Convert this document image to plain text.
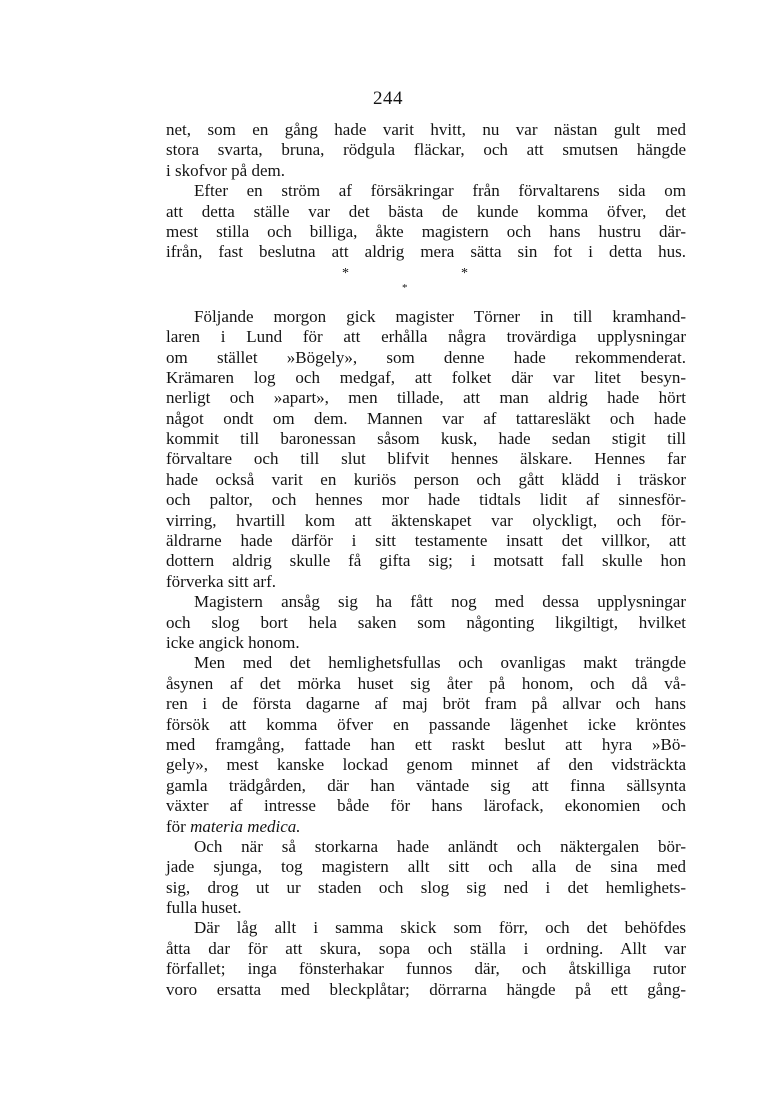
244
net, som en gång hade varit hvitt, nu var nästan gult med
stora svarta, bruna, rödgula fläckar, och att smutsen hängde
i skofvor på dem.
Efter en ström af försäkringar från förvaltarens sida om
att detta ställe var det bästa de kunde komma öfver, det
mest stilla och billiga, åkte magistern och hans hustru där-
ifrån, fast beslutna att aldrig mera sätta sin fot i detta hus.
*	*
*
Följande morgon gick magister Törner in till kramhand-
laren i Lund för att erhålla några trovärdiga upplysningar
om stället »Bögely», som denne hade rekommenderat.
Krämaren log och medgaf, att folket där var litet besyn-
nerligt och »apart», men tillade, att man aldrig hade hört
något ondt om dem. Mannen var af tattaresläkt och hade
kommit till baronessan såsom kusk, hade sedan stigit till
förvaltare och till slut blifvit hennes älskare. Hennes far
hade också varit en kuriös person och gått klädd i träskor
och paltor, och hennes mor hade tidtals lidit af sinnesför-
virring, hvartill kom att äktenskapet var olyckligt, och för-
äldrarne hade därför i sitt testamente insatt det villkor, att
dottern aldrig skulle få gifta sig; i motsatt fall skulle hon
förverka sitt arf.
Magistern ansåg sig ha fått nog med dessa upplysningar
och slog bort hela saken som någonting likgiltigt, hvilket
icke angick honom.
Men med det hemlighetsfullas och ovanligas makt trängde
åsynen af det mörka huset sig åter på honom, och då vå-
ren i de första dagarne af maj bröt fram på allvar och hans
försök att komma öfver en passande lägenhet icke kröntes
med framgång, fattade han ett raskt beslut att hyra »Bö-
gely», mest kanske lockad genom minnet af den vidsträckta
gamla trädgården, där han väntade sig att finna sällsynta
växter af intresse både för hans lärofack, ekonomien och
för materia medica.
Och när så storkarna hade anländt och näktergalen bör-
jade sjunga, tog magistern allt sitt och alla de sina med
sig, drog ut ur staden och slog sig ned i det hemlighets-
fulla huset.
Där låg allt i samma skick som förr, och det behöfdes
åtta dar för att skura, sopa och ställa i ordning. Allt var
förfallet; inga fönsterhakar funnos där, och åtskilliga rutor
voro ersatta med bleckplåtar; dörrarna hängde på ett gång-
